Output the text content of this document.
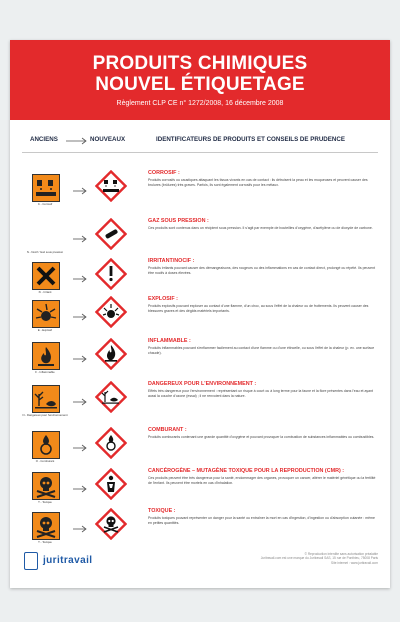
PRODUITS CHIMIQUES
NOUVEL ÉTIQUETAGE
Règlement CLP CE n° 1272/2008, 16 décembre 2008
ANCIENS	NOUVEAUX	IDENTIFICATEURS DE PRODUITS ET CONSEILS DE PRUDENCE
C - Corrosif
CORROSIF :
Produits corrosifs ou caustiques attaquant les tissus vivants en cas de contact : ils détruisent la peau et les muqueuses et peuvent causer des brulures (brûlures) très graves. Parfois, ils sont également corrosifs pour les métaux.
N - Nocif / Gaz sous pression
GAZ SOUS PRESSION :
Ces produits sont contenus dans un récipient sous pression. Il s'agit par exemple de bouteilles d'oxygène, d'acétylène ou de dioxyde de carbone.
Xi - Irritant
IRRITANT/NOCIF :
Produits irritants pouvant causer des démangeaisons, des rougeurs ou des inflammations en cas de contact direct, prolongé ou répété. Ils peuvent être nocifs à doses élevées.
E - Explosif
EXPLOSIF :
Produits explosifs pouvant exploser au contact d'une flamme, d'un choc, au sous l'effet de la chaleur ou de frottements. Ils peuvent causer des blessures graves et des dégâts matériels importants.
F - Inflammable
INFLAMMABLE :
Produits inflammables pouvant s'enflammer facilement au contact d'une flamme ou d'une étincelle, ou sous l'effet de la chaleur (p. ex. une surface chaude).
N - Dangereux pour l'environnement
DANGEREUX POUR L'ENVIRONNEMENT :
Effets très dangereux pour l'environnement : représentant un risque à court ou à long terme pour la faune et la flore présentes dans l'eau et ayant aussi la couche d'ozone (essai) ; il ne renvoient dans la nature.
O - Comburant
COMBURANT :
Produits comburants contenant une grande quantité d'oxygène et pouvant provoquer la combustion de substances inflammables ou combustibles.
T - Toxique
CANCÉROGÈNE – MUTAGÈNE TOXIQUE POUR LA REPRODUCTION (CMR) :
Ces produits peuvent être très dangereux pour la santé, endommager des organes, provoquer un cancer, altérer le matériel génétique ou la fertilité de l'enfant. Ils peuvent être mortels en cas d'inhalation.
T - Toxique
TOXIQUE :
Produits toxiques pouvant représenter un danger pour la santé ou entraîner la mort en cas d'ingestion, d'ingestion ou d'absorption cutanée : même en petites quantités.
juritravail
© Reproduction interdite sans autorisation préalable
Juritravail.com est une marque du Juritravail SAS, 15 rue de Ponthieu, 75008 Paris
Site internet : www.juritravail.com
